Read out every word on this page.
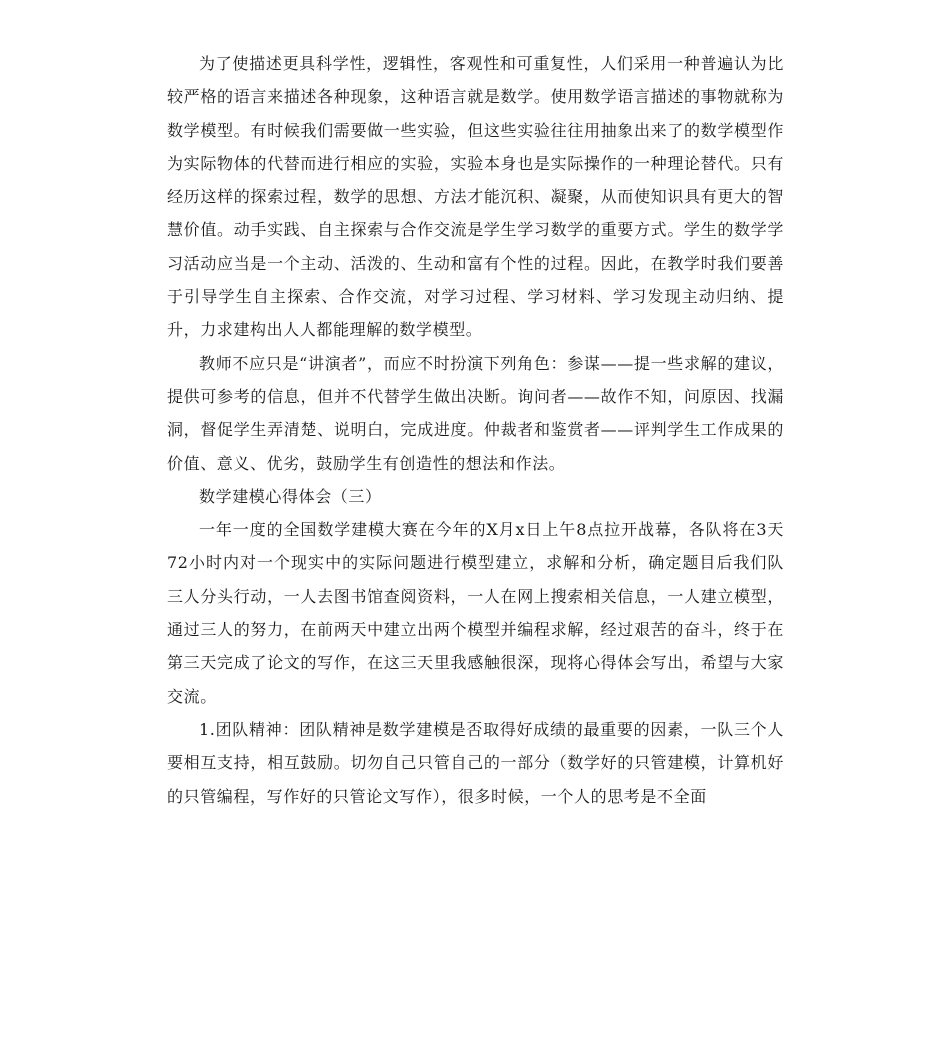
为了使描述更具科学性，逻辑性，客观性和可重复性，人们采用一种普遍认为比较严格的语言来描述各种现象，这种语言就是数学。使用数学语言描述的事物就称为数学模型。有时候我们需要做一些实验，但这些实验往往用抽象出来了的数学模型作为实际物体的代替而进行相应的实验，实验本身也是实际操作的一种理论替代。只有经历这样的探索过程，数学的思想、方法才能沉积、凝聚，从而使知识具有更大的智慧价值。动手实践、自主探索与合作交流是学生学习数学的重要方式。学生的数学学习活动应当是一个主动、活泼的、生动和富有个性的过程。因此，在教学时我们要善于引导学生自主探索、合作交流，对学习过程、学习材料、学习发现主动归纳、提升，力求建构出人人都能理解的数学模型。

教师不应只是“讲演者”，而应不时扮演下列角色：参谋——提一些求解的建议，提供可参考的信息，但并不代替学生做出决断。询问者——故作不知，问原因、找漏洞，督促学生弄清楚、说明白，完成进度。仲裁者和鉴赏者——评判学生工作成果的价值、意义、优劣，鼓励学生有创造性的想法和作法。

数学建模心得体会（三）

一年一度的全国数学建模大赛在今年的X月x日上午8点拉开战幕，各队将在3天72小时内对一个现实中的实际问题进行模型建立，求解和分析，确定题目后我们队三人分头行动，一人去图书馆查阅资料，一人在网上搜索相关信息，一人建立模型，通过三人的努力，在前两天中建立出两个模型并编程求解，经过艰苦的奋斗，终于在第三天完成了论文的写作，在这三天里我感触很深，现将心得体会写出，希望与大家交流。

1.团队精神：团队精神是数学建模是否取得好成绩的最重要的因素，一队三个人要相互支持，相互鼓励。切勿自己只管自己的一部分（数学好的只管建模，计算机好的只管编程，写作好的只管论文写作），很多时候，一个人的思考是不全面
